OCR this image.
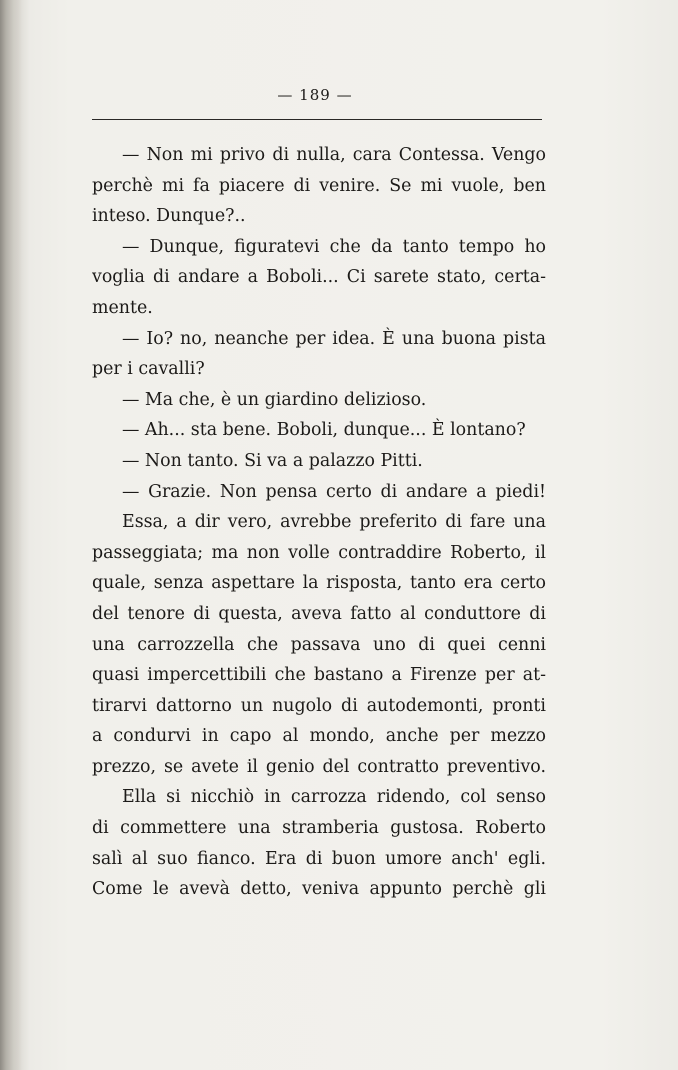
— 189 —
— Non mi privo di nulla, cara Contessa. Vengo
perchè mi fa piacere di venire. Se mi vuole, ben
inteso. Dunque?..
— Dunque, figuratevi che da tanto tempo ho
voglia di andare a Boboli... Ci sarete stato, certa-
mente.
— Io? no, neanche per idea. È una buona pista
per i cavalli?
— Ma che, è un giardino delizioso.
— Ah... sta bene. Boboli, dunque... È lontano?
— Non tanto. Si va a palazzo Pitti.
— Grazie. Non pensa certo di andare a piedi!
Essa, a dir vero, avrebbe preferito di fare una
passeggiata; ma non volle contraddire Roberto, il
quale, senza aspettare la risposta, tanto era certo
del tenore di questa, aveva fatto al conduttore di
una carrozzella che passava uno di quei cenni
quasi impercettibili che bastano a Firenze per at-
tirarvi dattorno un nugolo di autodemonti, pronti
a condurvi in capo al mondo, anche per mezzo
prezzo, se avete il genio del contratto preventivo.
Ella si nicchiò in carrozza ridendo, col senso
di commettere una stramberia gustosa. Roberto
salì al suo fianco. Era di buon umore anch' egli.
Come le avevà detto, veniva appunto perchè gli
